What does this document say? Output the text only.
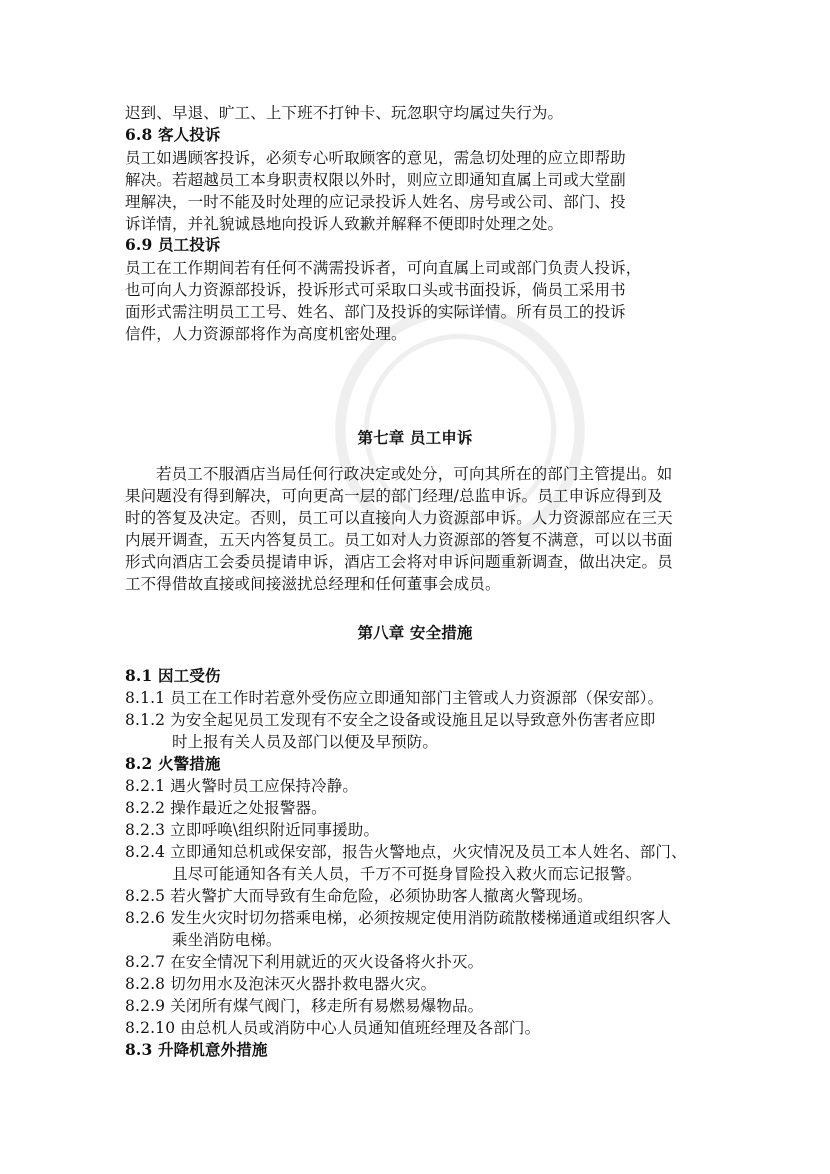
迟到、早退、旷工、上下班不打钟卡、玩忽职守均属过失行为。
6.8 客人投诉
员工如遇顾客投诉，必须专心听取顾客的意见，需急切处理的应立即帮助
解决。若超越员工本身职责权限以外时，则应立即通知直属上司或大堂副
理解决，一时不能及时处理的应记录投诉人姓名、房号或公司、部门、投
诉详情，并礼貌诚恳地向投诉人致歉并解释不便即时处理之处。
6.9 员工投诉
员工在工作期间若有任何不满需投诉者，可向直属上司或部门负责人投诉，
也可向人力资源部投诉，投诉形式可采取口头或书面投诉，倘员工采用书
面形式需注明员工工号、姓名、部门及投诉的实际详情。所有员工的投诉
信件，人力资源部将作为高度机密处理。
第七章 员工申诉
若员工不服酒店当局任何行政决定或处分，可向其所在的部门主管提出。如
果问题没有得到解决，可向更高一层的部门经理/总监申诉。员工申诉应得到及
时的答复及决定。否则，员工可以直接向人力资源部申诉。人力资源部应在三天
内展开调查，五天内答复员工。员工如对人力资源部的答复不满意，可以以书面
形式向酒店工会委员提请申诉，酒店工会将对申诉问题重新调查，做出决定。员
工不得借故直接或间接滋扰总经理和任何董事会成员。
第八章 安全措施
8.1 因工受伤
8.1.1 员工在工作时若意外受伤应立即通知部门主管或人力资源部（保安部）。
8.1.2 为安全起见员工发现有不安全之设备或设施且足以导致意外伤害者应即
时上报有关人员及部门以便及早预防。
8.2 火警措施
8.2.1 遇火警时员工应保持冷静。
8.2.2 操作最近之处报警器。
8.2.3 立即呼唤\组织附近同事援助。
8.2.4 立即通知总机或保安部，报告火警地点，火灾情况及员工本人姓名、部门、
且尽可能通知各有关人员，千万不可挺身冒险投入救火而忘记报警。
8.2.5 若火警扩大而导致有生命危险，必须协助客人撤离火警现场。
8.2.6 发生火灾时切勿搭乘电梯，必须按规定使用消防疏散楼梯通道或组织客人
乘坐消防电梯。
8.2.7 在安全情况下利用就近的灭火设备将火扑灭。
8.2.8 切勿用水及泡沫灭火器扑救电器火灾。
8.2.9 关闭所有煤气阀门，移走所有易燃易爆物品。
8.2.10 由总机人员或消防中心人员通知值班经理及各部门。
8.3 升降机意外措施
